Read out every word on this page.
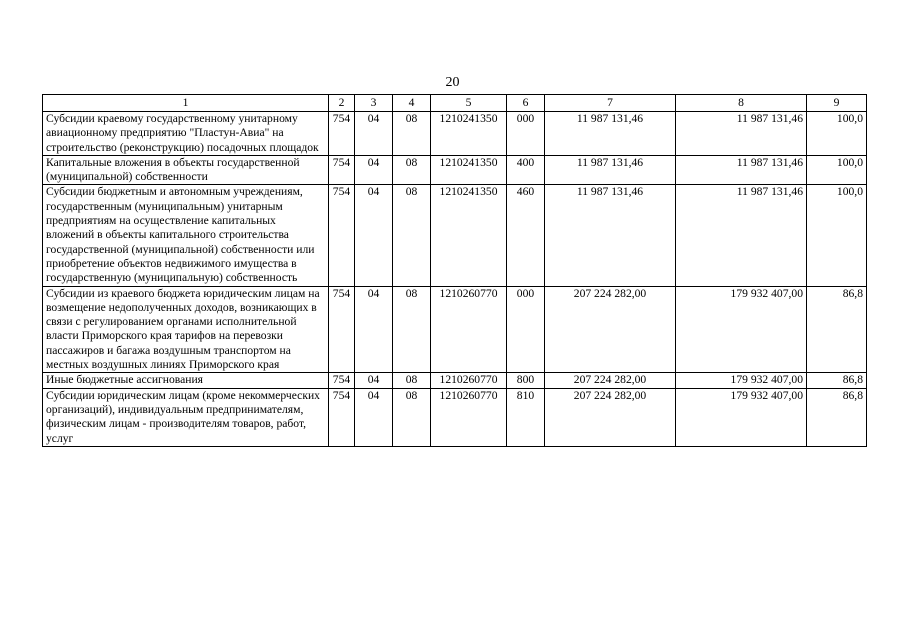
20
1	2	3	4	5	6	7	8	9
Субсидии краевому государственному унитарному авиационному предприятию "Пластун-Авиа" на строительство (реконструкцию) посадочных площадок	754	04	08	1210241350	000	11 987 131,46	11 987 131,46	100,0
Капитальные вложения в объекты государственной (муниципальной) собственности	754	04	08	1210241350	400	11 987 131,46	11 987 131,46	100,0
Субсидии бюджетным и автономным учреждениям, государственным (муниципальным) унитарным предприятиям на осуществление капитальных вложений в объекты капитального строительства государственной (муниципальной) собственности или приобретение объектов недвижимого имущества в государственную (муниципальную) собственность	754	04	08	1210241350	460	11 987 131,46	11 987 131,46	100,0
Субсидии из краевого бюджета юридическим лицам на возмещение недополученных доходов, возникающих в связи с регулированием органами исполнительной власти Приморского края тарифов на перевозки пассажиров и багажа воздушным транспортом на местных воздушных линиях Приморского края	754	04	08	1210260770	000	207 224 282,00	179 932 407,00	86,8
Иные бюджетные ассигнования	754	04	08	1210260770	800	207 224 282,00	179 932 407,00	86,8
Субсидии юридическим лицам (кроме некоммерческих организаций), индивидуальным предпринимателям, физическим лицам - производителям товаров, работ, услуг	754	04	08	1210260770	810	207 224 282,00	179 932 407,00	86,8
